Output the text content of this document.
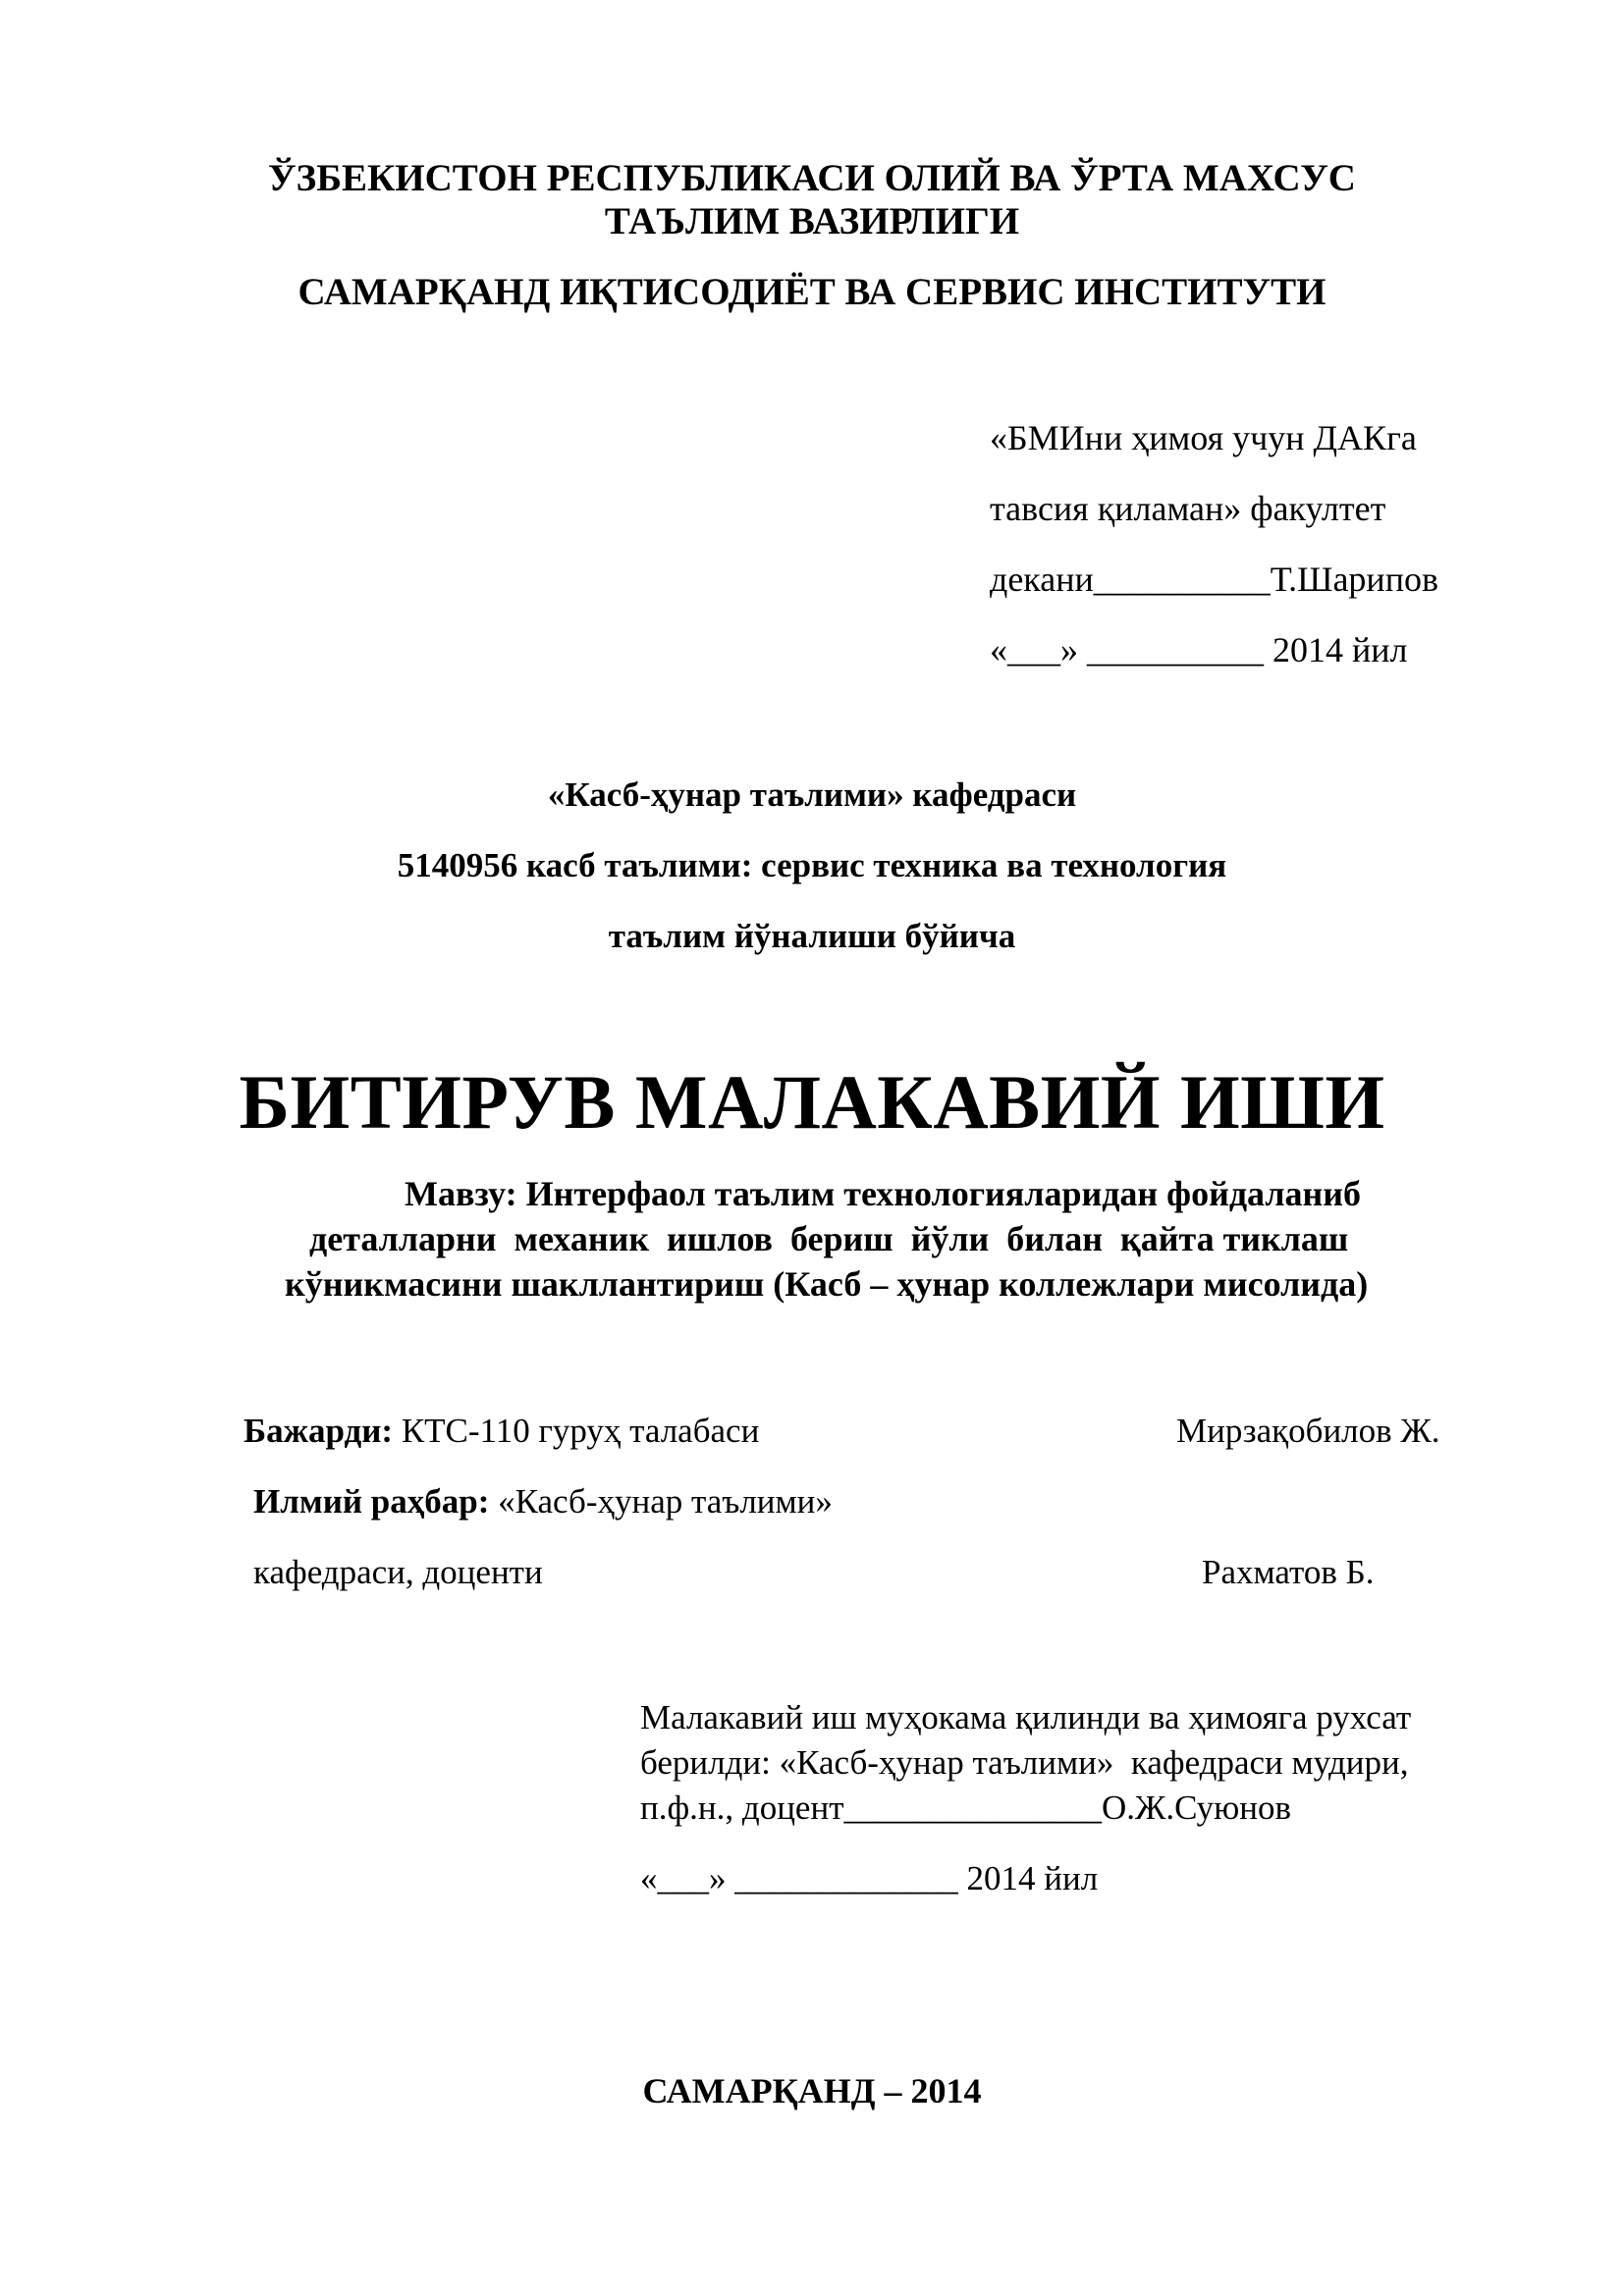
ЎЗБЕКИСТОН РЕСПУБЛИКАСИ ОЛИЙ ВА ЎРТА МАХСУС
ТАЪЛИМ ВАЗИРЛИГИ
САМАРҚАНД ИҚТИСОДИЁТ ВА СЕРВИС ИНСТИТУТИ
«БМИни ҳимоя учун ДАКга
тавсия қиламан» факултет
декани__________Т.Шарипов
«___» __________ 2014 йил
«Касб-ҳунар таълими» кафедраси
5140956 касб таълими: сервис техника ва технология
таълим йўналиши бўйича
БИТИРУВ МАЛАКАВИЙ ИШИ
Мавзу: Интерфаол таълим технологияларидан фойдаланиб
деталларни  механик  ишлов  бериш  йўли  билан  қайта тиклаш
кўникмасини шакллантириш (Касб – ҳунар коллежлари мисолида)
Бажарди: КТС-110 гуруҳ талабаси	Мирзақобилов Ж.
Илмий раҳбар: «Касб-ҳунар таълими»
кафедраси, доценти	Рахматов Б.
Малакавий иш муҳокама қилинди ва ҳимояга рухсат
берилди: «Касб-ҳунар таълими»  кафедраси мудири,
п.ф.н., доцент_______________О.Ж.Суюнов
«___» _____________ 2014 йил
САМАРҚАНД – 2014
